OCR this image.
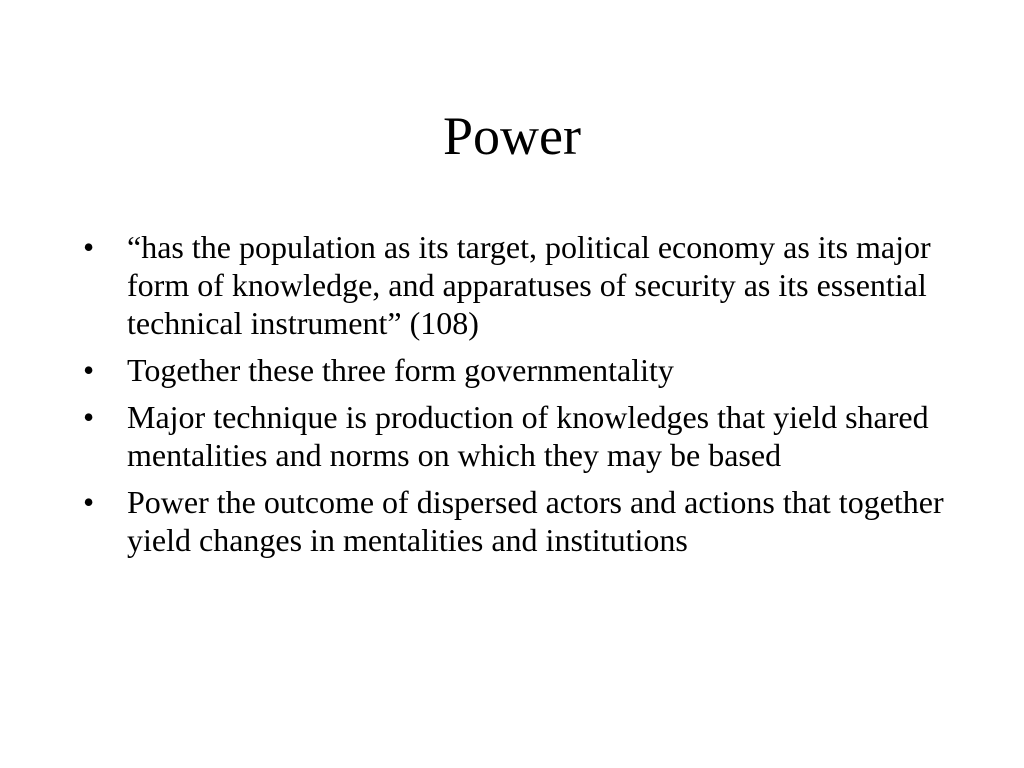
Power
•	“has the population as its target, political economy as its major form of knowledge, and apparatuses of security as its essential technical instrument” (108)
•	Together these three form governmentality
•	Major technique is production of knowledges that yield shared mentalities and norms on which they may be based
•	Power the outcome of dispersed actors and actions that together yield changes in mentalities and institutions
